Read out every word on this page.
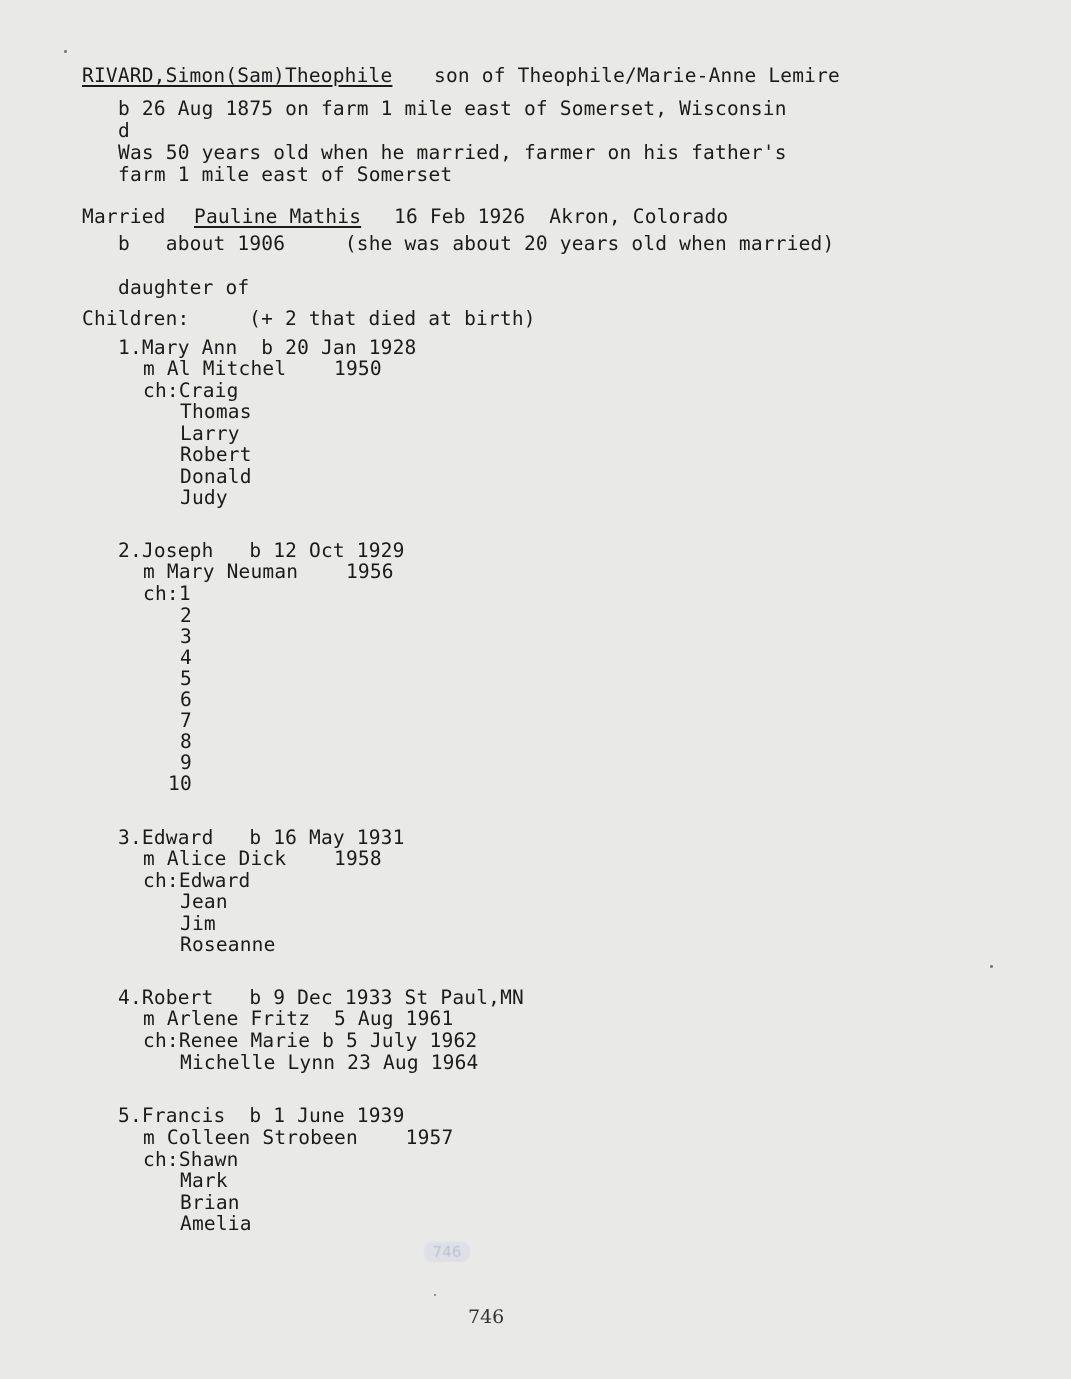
RIVARD,Simon(Sam)Theophile son of Theophile/Marie-Anne Lemire
b 26 Aug 1875 on farm 1 mile east of Somerset, Wisconsin
d
Was 50 years old when he married, farmer on his father's
farm 1 mile east of Somerset
Married Pauline Mathis 16 Feb 1926  Akron, Colorado
b   about 1906     (she was about 20 years old when married)
daughter of
Children:     (+ 2 that died at birth)
1.Mary Ann  b 20 Jan 1928
m Al Mitchel    1950
ch:Craig
Thomas
Larry
Robert
Donald
Judy
2.Joseph   b 12 Oct 1929
m Mary Neuman    1956
ch:1
2
3
4
5
6
7
8
9
10
3.Edward   b 16 May 1931
m Alice Dick    1958
ch:Edward
Jean
Jim
Roseanne
4.Robert   b 9 Dec 1933 St Paul,MN
m Arlene Fritz  5 Aug 1961
ch:Renee Marie b 5 July 1962
Michelle Lynn 23 Aug 1964
5.Francis  b 1 June 1939
m Colleen Strobeen    1957
ch:Shawn
Mark
Brian
Amelia
746
746
